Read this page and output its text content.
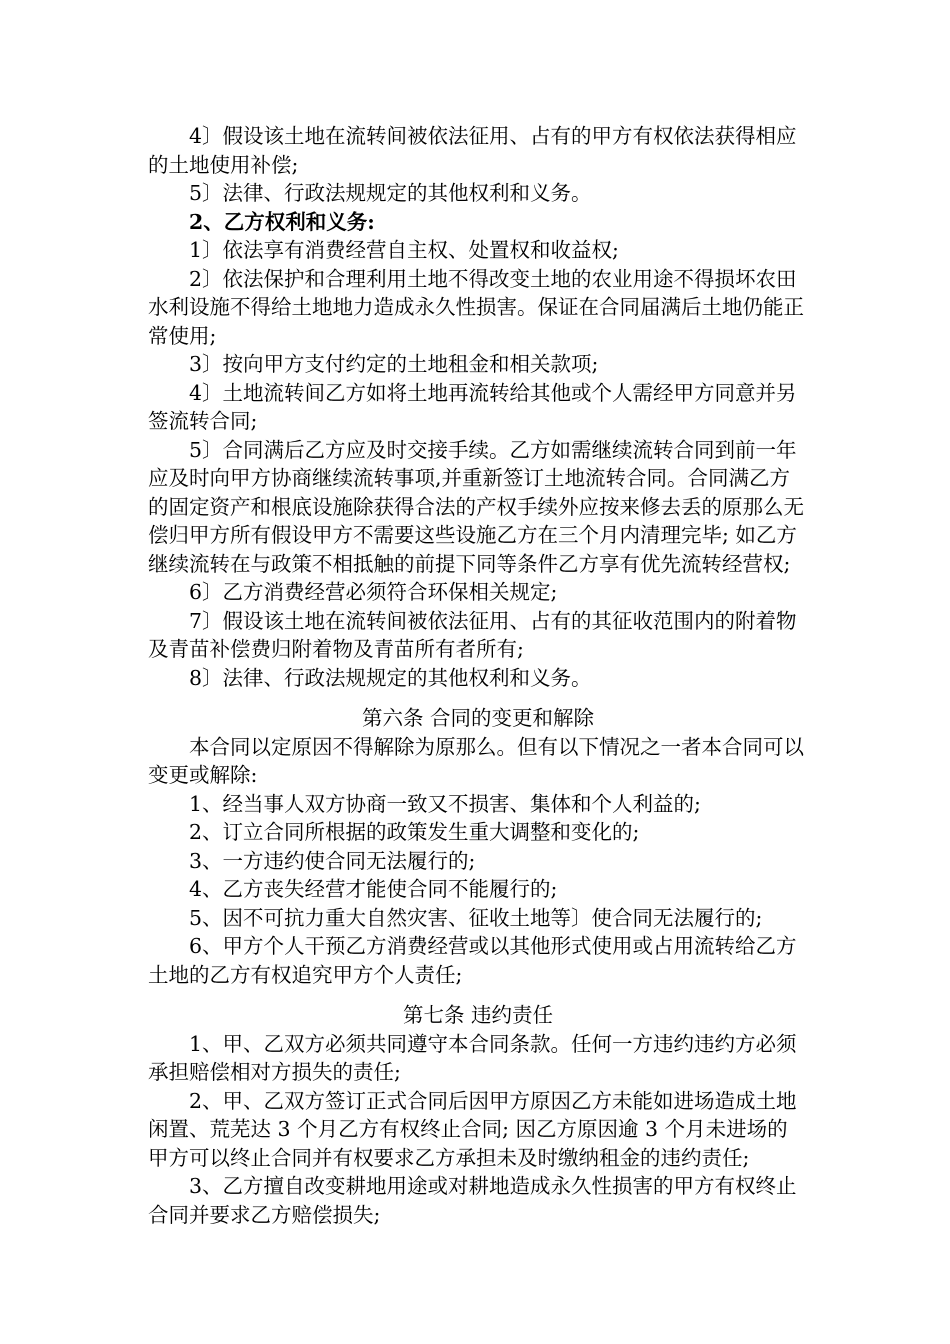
4〕假设该土地在流转间被依法征用、占有的甲方有权依法获得相应的土地使用补偿;

5〕法律、行政法规规定的其他权利和义务。

2、乙方权利和义务:

1〕依法享有消费经营自主权、处置权和收益权;

2〕依法保护和合理利用土地不得改变土地的农业用途不得损坏农田水利设施不得给土地地力造成永久性损害。保证在合同届满后土地仍能正常使用;

3〕按向甲方支付约定的土地租金和相关款项;

4〕土地流转间乙方如将土地再流转给其他或个人需经甲方同意并另签流转合同;

5〕合同满后乙方应及时交接手续。乙方如需继续流转合同到前一年应及时向甲方协商继续流转事项,并重新签订土地流转合同。合同满乙方的固定资产和根底设施除获得合法的产权手续外应按来修去丢的原那么无偿归甲方所有假设甲方不需要这些设施乙方在三个月内清理完毕; 如乙方继续流转在与政策不相抵触的前提下同等条件乙方享有优先流转经营权;

6〕乙方消费经营必须符合环保相关规定;

7〕假设该土地在流转间被依法征用、占有的其征收范围内的附着物及青苗补偿费归附着物及青苗所有者所有;

8〕法律、行政法规规定的其他权利和义务。

第六条 合同的变更和解除

本合同以定原因不得解除为原那么。但有以下情况之一者本合同可以变更或解除:

1、经当事人双方协商一致又不损害、集体和个人利益的;

2、订立合同所根据的政策发生重大调整和变化的;

3、一方违约使合同无法履行的;

4、乙方丧失经营才能使合同不能履行的;

5、因不可抗力重大自然灾害、征收土地等〕使合同无法履行的;

6、甲方个人干预乙方消费经营或以其他形式使用或占用流转给乙方土地的乙方有权追究甲方个人责任;

第七条 违约责任

1、甲、乙双方必须共同遵守本合同条款。任何一方违约违约方必须承担赔偿相对方损失的责任;

2、甲、乙双方签订正式合同后因甲方原因乙方未能如进场造成土地闲置、荒芜达 3 个月乙方有权终止合同; 因乙方原因逾 3 个月未进场的甲方可以终止合同并有权要求乙方承担未及时缴纳租金的违约责任;

3、乙方擅自改变耕地用途或对耕地造成永久性损害的甲方有权终止合同并要求乙方赔偿损失;
